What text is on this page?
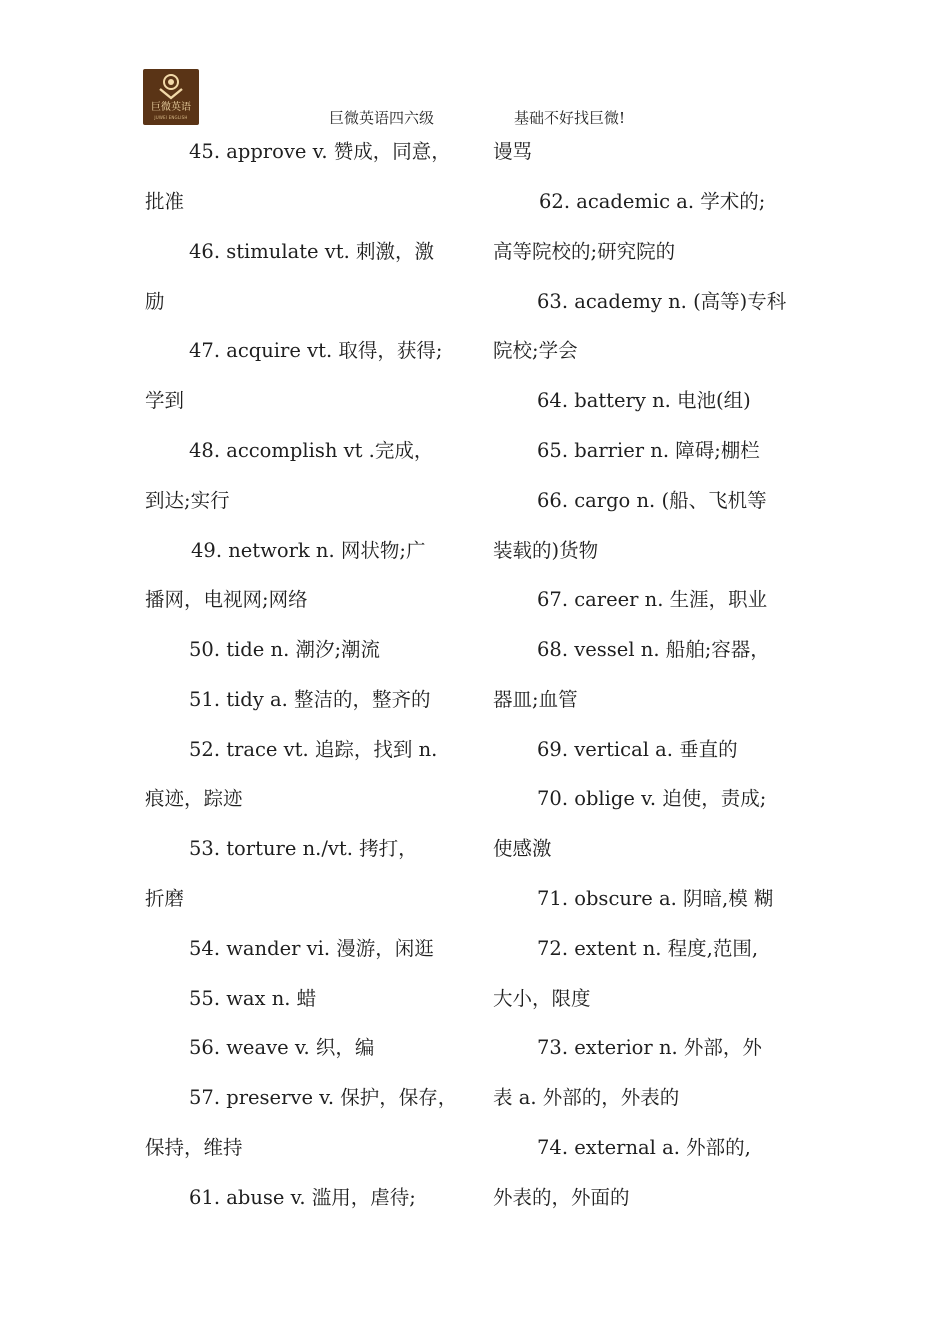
巨微英语
JUWEI ENGLISH	巨微英语四六级	基础不好找巨微!
45. approve v. 赞成，同意，
批准
46. stimulate vt. 刺激，激
励
47. acquire vt. 取得，获得;
学到
48. accomplish vt .完成，
到达;实行
49. network n. 网状物;广
播网，电视网;网络
50. tide n. 潮汐;潮流
51. tidy a. 整洁的，整齐的
52. trace vt. 追踪，找到 n.
痕迹，踪迹
53. torture n./vt. 拷打，
折磨
54. wander vi. 漫游，闲逛
55. wax n. 蜡
56. weave v. 织，编
57. preserve v. 保护，保存，
保持，维持
61. abuse v. 滥用，虐待;
谩骂
62. academic a. 学术的;
高等院校的;研究院的
63. academy n. (高等)专科
院校;学会
64. battery n. 电池(组)
65. barrier n. 障碍;棚栏
66. cargo n. (船、飞机等
装载的)货物
67. career n. 生涯，职业
68. vessel n. 船舶;容器，
器皿;血管
69. vertical a. 垂直的
70. oblige v. 迫使，责成;
使感激
71. obscure a. 阴暗,模 糊
72. extent n. 程度,范围,
大小，限度
73. exterior n. 外部，外
表 a. 外部的，外表的
74. external a. 外部的,
外表的，外面的
